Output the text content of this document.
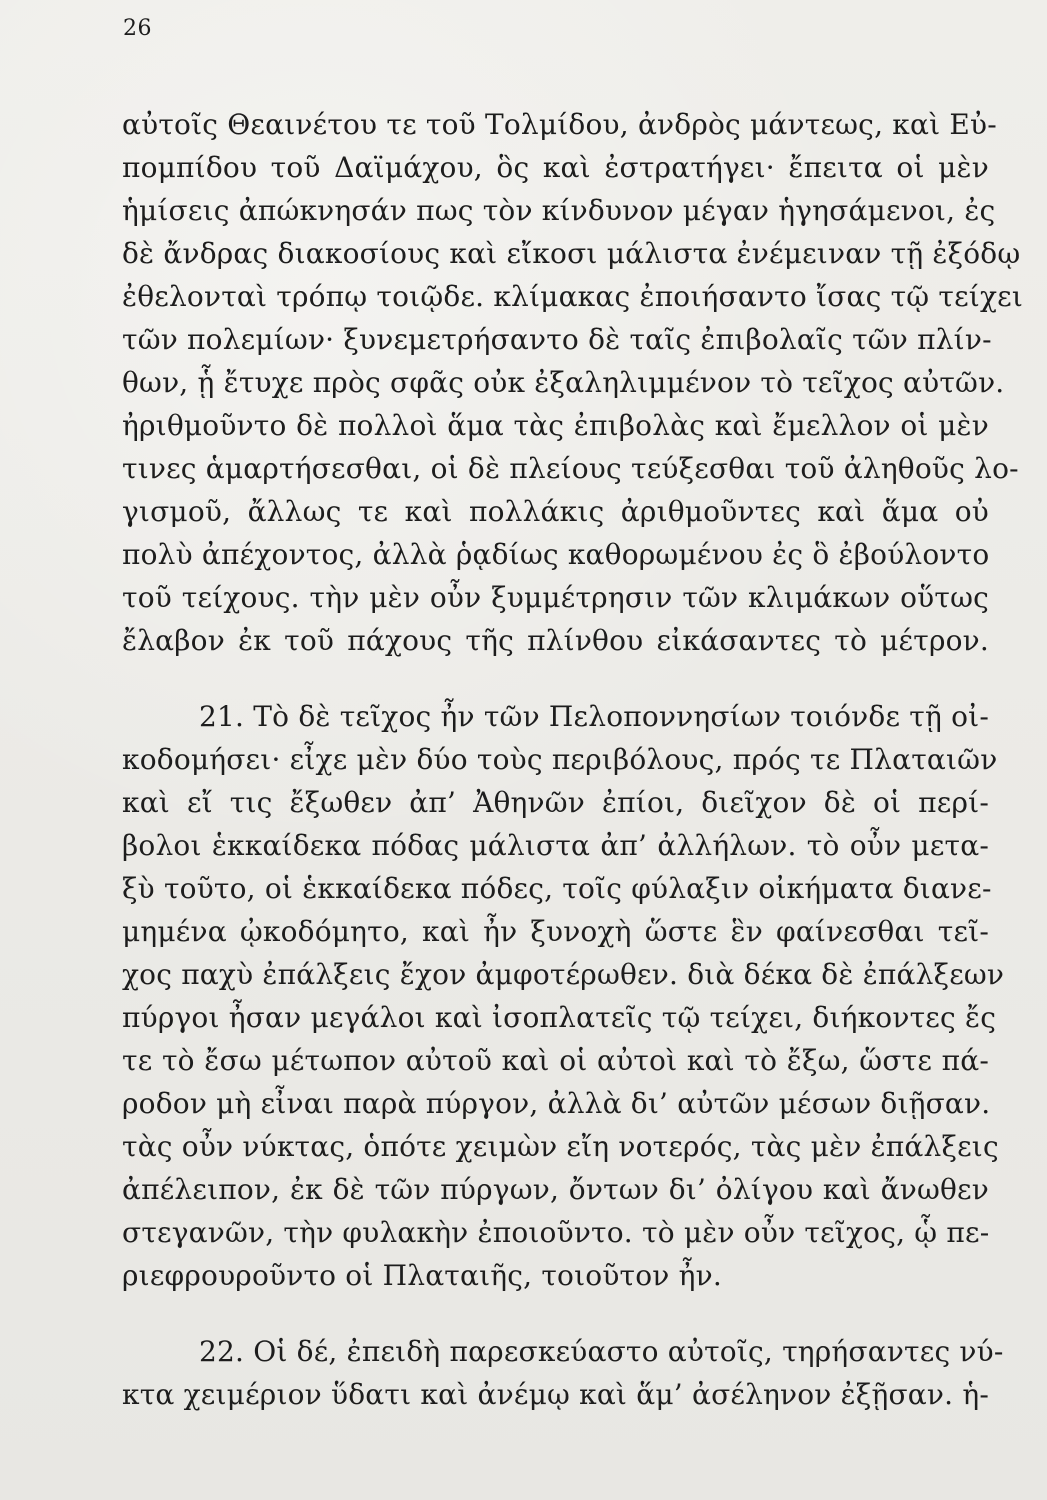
26
αὐτοῖς Θεαινέτου τε τοῦ Τολμίδου, ἀνδρὸς μάντεως, καὶ Εὐ-
πομπίδου τοῦ Δαϊμάχου, ὃς καὶ ἐστρατήγει· ἔπειτα οἱ μὲν
ἡμίσεις ἀπώκνησάν πως τὸν κίνδυνον μέγαν ἡγησάμενοι, ἐς
δὲ ἄνδρας διακοσίους καὶ εἴκοσι μάλιστα ἐνέμειναν τῇ ἐξόδῳ
ἐθελονταὶ τρόπῳ τοιῷδε. κλίμακας ἐποιήσαντο ἴσας τῷ τείχει
τῶν πολεμίων· ξυνεμετρήσαντο δὲ ταῖς ἐπιβολαῖς τῶν πλίν-
θων, ᾗ ἔτυχε πρὸς σφᾶς οὐκ ἐξαληλιμμένον τὸ τεῖχος αὐτῶν.
ἠριθμοῦντο δὲ πολλοὶ ἅμα τὰς ἐπιβολὰς καὶ ἔμελλον οἱ μὲν
τινες ἁμαρτήσεσθαι, οἱ δὲ πλείους τεύξεσθαι τοῦ ἀληθοῦς λο-
γισμοῦ, ἄλλως τε καὶ πολλάκις ἀριθμοῦντες καὶ ἅμα οὐ
πολὺ ἀπέχοντος, ἀλλὰ ῥᾳδίως καθορωμένου ἐς ὃ ἐβούλοντο
τοῦ τείχους. τὴν μὲν οὖν ξυμμέτρησιν τῶν κλιμάκων οὕτως
ἔλαβον ἐκ τοῦ πάχους τῆς πλίνθου εἰκάσαντες τὸ μέτρον.
21. Τὸ δὲ τεῖχος ἦν τῶν Πελοποννησίων τοιόνδε τῇ οἰ-
κοδομήσει· εἶχε μὲν δύο τοὺς περιβόλους, πρός τε Πλαταιῶν
καὶ εἴ τις ἔξωθεν ἀπ’ Ἀθηνῶν ἐπίοι, διεῖχον δὲ οἱ περί-
βολοι ἑκκαίδεκα πόδας μάλιστα ἀπ’ ἀλλήλων. τὸ οὖν μετα-
ξὺ τοῦτο, οἱ ἑκκαίδεκα πόδες, τοῖς φύλαξιν οἰκήματα διανε-
μημένα ᾠκοδόμητο, καὶ ἦν ξυνοχὴ ὥστε ἓν φαίνεσθαι τεῖ-
χος παχὺ ἐπάλξεις ἔχον ἀμφοτέρωθεν. διὰ δέκα δὲ ἐπάλξεων
πύργοι ἦσαν μεγάλοι καὶ ἰσοπλατεῖς τῷ τείχει, διήκοντες ἔς
τε τὸ ἔσω μέτωπον αὐτοῦ καὶ οἱ αὐτοὶ καὶ τὸ ἔξω, ὥστε πά-
ροδον μὴ εἶναι παρὰ πύργον, ἀλλὰ δι’ αὐτῶν μέσων διῇσαν.
τὰς οὖν νύκτας, ὁπότε χειμὼν εἴη νοτερός, τὰς μὲν ἐπάλξεις
ἀπέλειπον, ἐκ δὲ τῶν πύργων, ὄντων δι’ ὀλίγου καὶ ἄνωθεν
στεγανῶν, τὴν φυλακὴν ἐποιοῦντο. τὸ μὲν οὖν τεῖχος, ᾧ πε-
ριεφρουροῦντο οἱ Πλαταιῆς, τοιοῦτον ἦν.
22. Οἱ δέ, ἐπειδὴ παρεσκεύαστο αὐτοῖς, τηρήσαντες νύ-
κτα χειμέριον ὕδατι καὶ ἀνέμῳ καὶ ἅμ’ ἀσέληνον ἐξῇσαν. ἡ-
